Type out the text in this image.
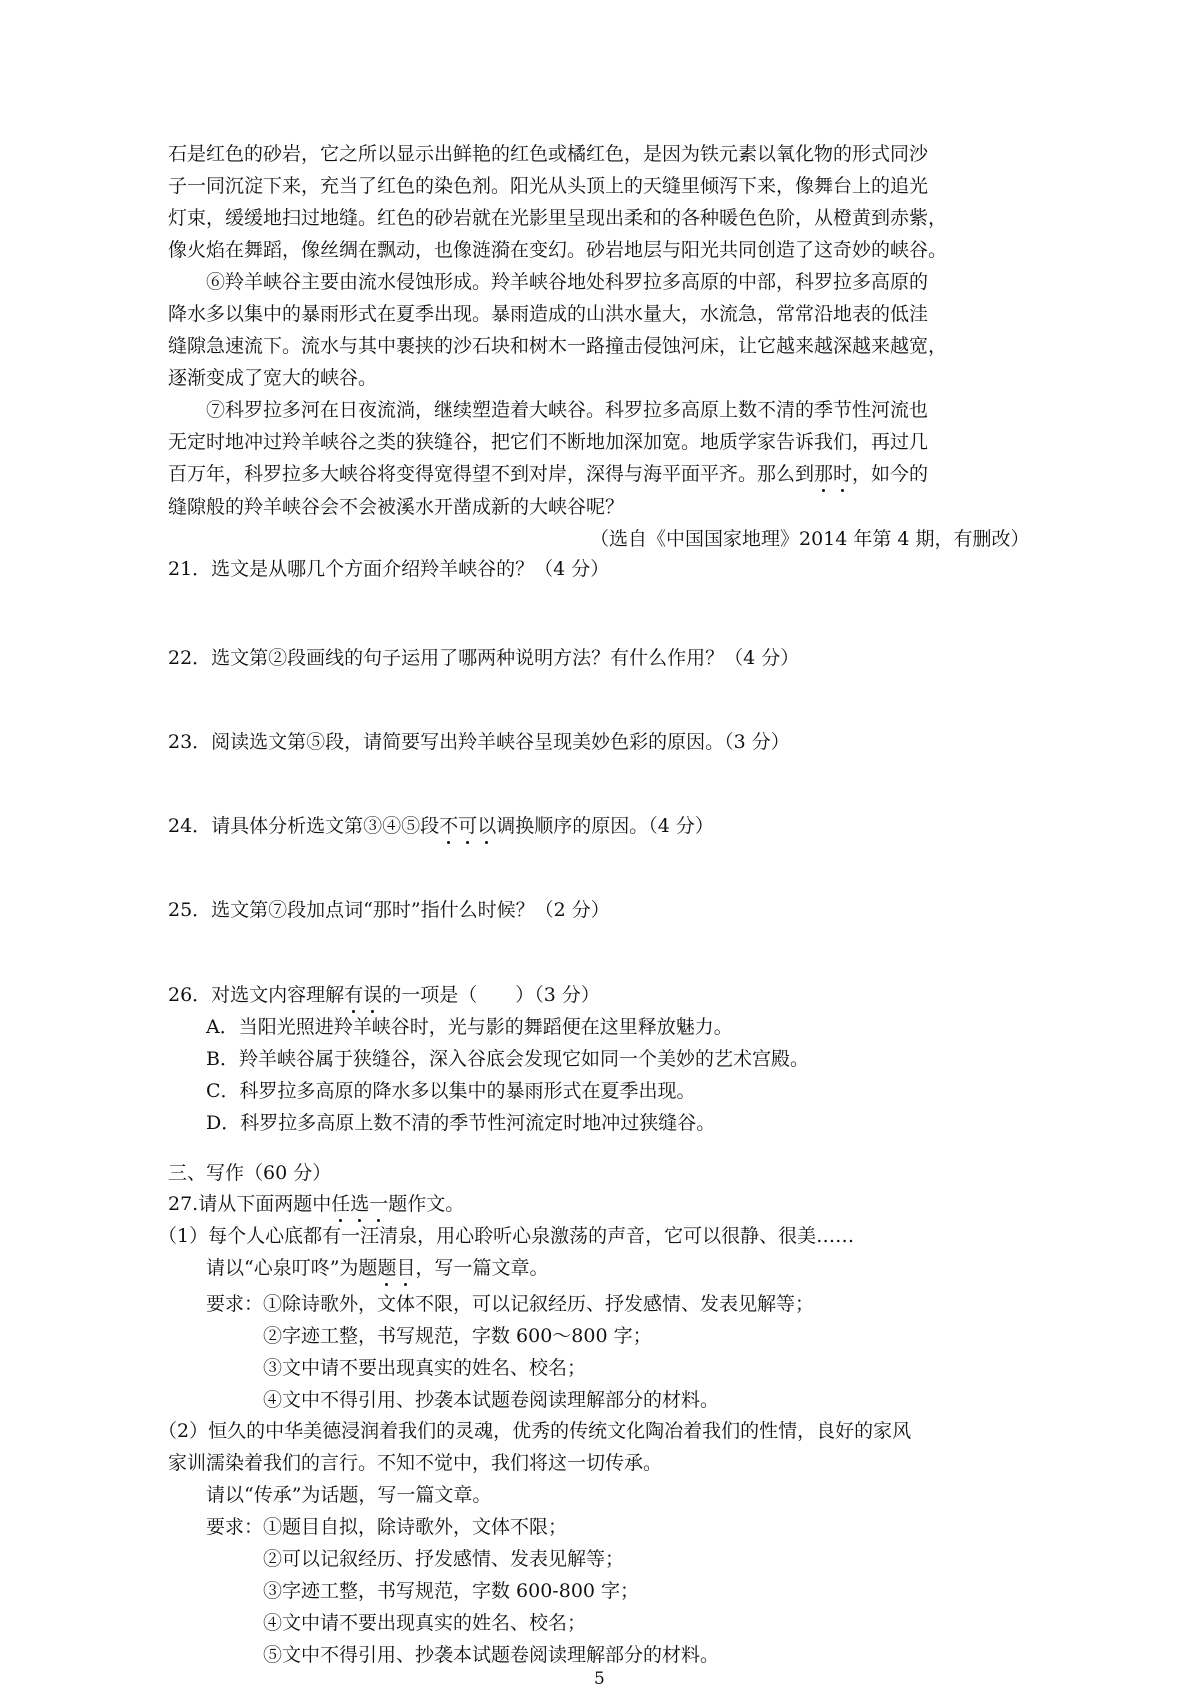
石是红色的砂岩，它之所以显示出鲜艳的红色或橘红色，是因为铁元素以氧化物的形式同沙
子一同沉淀下来，充当了红色的染色剂。阳光从头顶上的天缝里倾泻下来，像舞台上的追光
灯束，缓缓地扫过地缝。红色的砂岩就在光影里呈现出柔和的各种暖色色阶，从橙黄到赤紫，
像火焰在舞蹈，像丝绸在飘动，也像涟漪在变幻。砂岩地层与阳光共同创造了这奇妙的峡谷。
⑥羚羊峡谷主要由流水侵蚀形成。羚羊峡谷地处科罗拉多高原的中部，科罗拉多高原的
降水多以集中的暴雨形式在夏季出现。暴雨造成的山洪水量大，水流急，常常沿地表的低洼
缝隙急速流下。流水与其中裹挟的沙石块和树木一路撞击侵蚀河床，让它越来越深越来越宽，
逐渐变成了宽大的峡谷。
⑦科罗拉多河在日夜流淌，继续塑造着大峡谷。科罗拉多高原上数不清的季节性河流也
无定时地冲过羚羊峡谷之类的狭缝谷，把它们不断地加深加宽。地质学家告诉我们，再过几
百万年，科罗拉多大峡谷将变得宽得望不到对岸，深得与海平面平齐。那么到那时，如今的
缝隙般的羚羊峡谷会不会被溪水开凿成新的大峡谷呢？
（选自《中国国家地理》2014 年第 4 期，有删改）
21．选文是从哪几个方面介绍羚羊峡谷的？（4 分）
22．选文第②段画线的句子运用了哪两种说明方法？有什么作用？（4 分）
23．阅读选文第⑤段，请简要写出羚羊峡谷呈现美妙色彩的原因。（3 分）
24．请具体分析选文第③④⑤段不可以调换顺序的原因。（4 分）
25．选文第⑦段加点词“那时”指什么时候？（2 分）
26．对选文内容理解有误的一项是（　　）（3 分）
A．当阳光照进羚羊峡谷时，光与影的舞蹈便在这里释放魅力。
B．羚羊峡谷属于狭缝谷，深入谷底会发现它如同一个美妙的艺术宫殿。
C．科罗拉多高原的降水多以集中的暴雨形式在夏季出现。
D．科罗拉多高原上数不清的季节性河流定时地冲过狭缝谷。
三、写作（60 分）
27.请从下面两题中任选一题作文。
（1）每个人心底都有一汪清泉，用心聆听心泉激荡的声音，它可以很静、很美……
请以“心泉叮咚”为题题目，写一篇文章。
要求：①除诗歌外，文体不限，可以记叙经历、抒发感情、发表见解等；
②字迹工整，书写规范，字数 600～800 字；
③文中请不要出现真实的姓名、校名；
④文中不得引用、抄袭本试题卷阅读理解部分的材料。
（2）恒久的中华美德浸润着我们的灵魂，优秀的传统文化陶冶着我们的性情，良好的家风
家训濡染着我们的言行。不知不觉中，我们将这一切传承。
请以“传承”为话题，写一篇文章。
要求：①题目自拟，除诗歌外，文体不限；
②可以记叙经历、抒发感情、发表见解等；
③字迹工整，书写规范，字数 600-800 字；
④文中请不要出现真实的姓名、校名；
⑤文中不得引用、抄袭本试题卷阅读理解部分的材料。
5
